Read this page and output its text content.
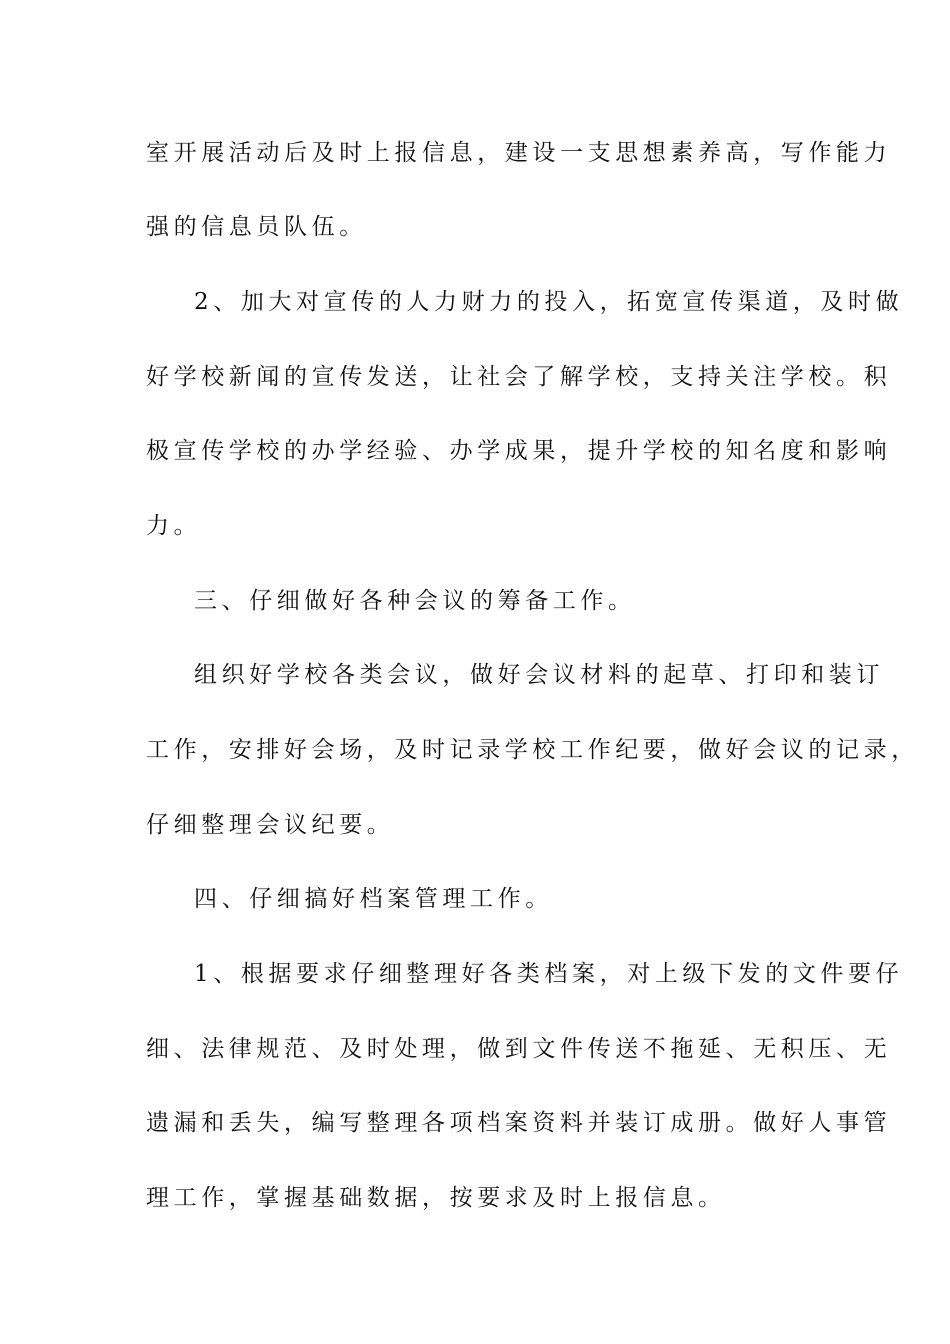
室开展活动后及时上报信息，建设一支思想素养高，写作能力
强的信息员队伍。
2、加大对宣传的人力财力的投入，拓宽宣传渠道，及时做
好学校新闻的宣传发送，让社会了解学校，支持关注学校。积
极宣传学校的办学经验、办学成果，提升学校的知名度和影响
力。
三、仔细做好各种会议的筹备工作。
组织好学校各类会议，做好会议材料的起草、打印和装订
工作，安排好会场，及时记录学校工作纪要，做好会议的记录，
仔细整理会议纪要。
四、仔细搞好档案管理工作。
1、根据要求仔细整理好各类档案，对上级下发的文件要仔
细、法律规范、及时处理，做到文件传送不拖延、无积压、无
遗漏和丢失，编写整理各项档案资料并装订成册。做好人事管
理工作，掌握基础数据，按要求及时上报信息。
